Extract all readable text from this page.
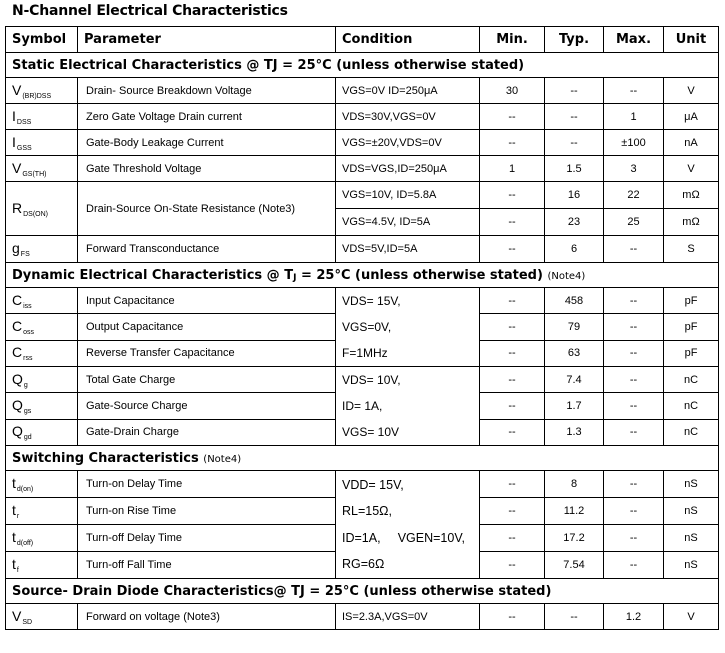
N-Channel Electrical Characteristics
Symbol	Parameter	Condition	Min.	Typ.	Max.	Unit
Static Electrical Characteristics @ TJ = 25°C (unless otherwise stated)						
$V_{(BR)DSS}$	Drain- Source Breakdown Voltage	VGS=0V ID=250μA	30	--	--	V
$I_{DSS}$	Zero Gate Voltage Drain current	VDS=30V,VGS=0V	--	--	1	μA
$I_{GSS}$	Gate-Body Leakage Current	VGS=±20V,VDS=0V	--	--	±100	nA
$V_{GS(TH)}$	Gate Threshold Voltage	VDS=VGS,ID=250μA	1	1.5	3	V
$R_{DS(ON)}$	Drain-Source On-State Resistance (Note3)	VGS=10V, ID=5.8A	--	16	22	mΩ
		VGS=4.5V, ID=5A	--	23	25	mΩ
$g_{FS}$	Forward Transconductance	VDS=5V,ID=5A	--	6	--	S
Dynamic Electrical Characteristics @ $T_J = 25^\circ C$ (unless otherwise stated) (Note4)						
$C_{iss}$	Input Capacitance	VDS= 15V,
VGS=0V,
F=1MHz	--	458	--	pF
$C_{oss}$	Output Capacitance		--	79	--	pF
$C_{rss}$	Reverse Transfer Capacitance		--	63	--	pF
$Q_g$	Total Gate Charge	VDS= 10V,
ID= 1A,
VGS= 10V	--	7.4	--	nC
$Q_{gs}$	Gate-Source Charge		--	1.7	--	nC
$Q_{gd}$	Gate-Drain Charge		--	1.3	--	nC
Switching Characteristics (Note4)						
$t_{d(on)}$	Turn-on Delay Time	VDD= 15V,
RL=15Ω,
ID=1A, VGEN=10V,
RG=6Ω	--	8	--	nS
$t_r$	Turn-on Rise Time		--	11.2	--	nS
$t_{d(off)}$	Turn-off Delay Time		--	17.2	--	nS
$t_f$	Turn-off Fall Time		--	7.54	--	nS
Source- Drain Diode Characteristics@ TJ = 25°C (unless otherwise stated)						
$V_{SD}$	Forward on voltage (Note3)	IS=2.3A,VGS=0V	--	--	1.2	V
